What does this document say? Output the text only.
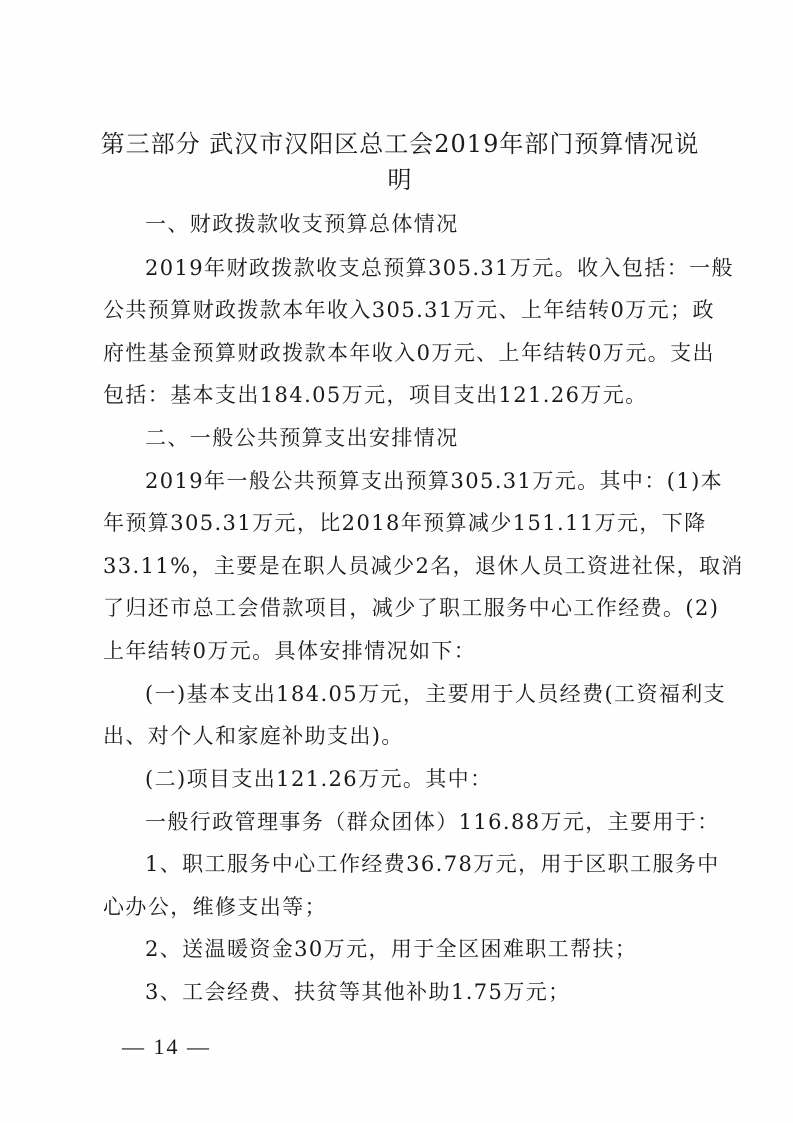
第三部分 武汉市汉阳区总工会2019年部门预算情况说
明
一、财政拨款收支预算总体情况
2019年财政拨款收支总预算305.31万元。收入包括：一般
公共预算财政拨款本年收入305.31万元、上年结转0万元；政
府性基金预算财政拨款本年收入0万元、上年结转0万元。支出
包括：基本支出184.05万元，项目支出121.26万元。
二、一般公共预算支出安排情况
2019年一般公共预算支出预算305.31万元。其中：(1)本
年预算305.31万元，比2018年预算减少151.11万元，下降
33.11%，主要是在职人员减少2名，退休人员工资进社保，取消
了归还市总工会借款项目，减少了职工服务中心工作经费。(2)
上年结转0万元。具体安排情况如下：
(一)基本支出184.05万元，主要用于人员经费(工资福利支
出、对个人和家庭补助支出)。
(二)项目支出121.26万元。其中：
一般行政管理事务（群众团体）116.88万元，主要用于：
1、职工服务中心工作经费36.78万元，用于区职工服务中
心办公，维修支出等；
2、送温暖资金30万元，用于全区困难职工帮扶；
3、工会经费、扶贫等其他补助1.75万元；
— 14 —
